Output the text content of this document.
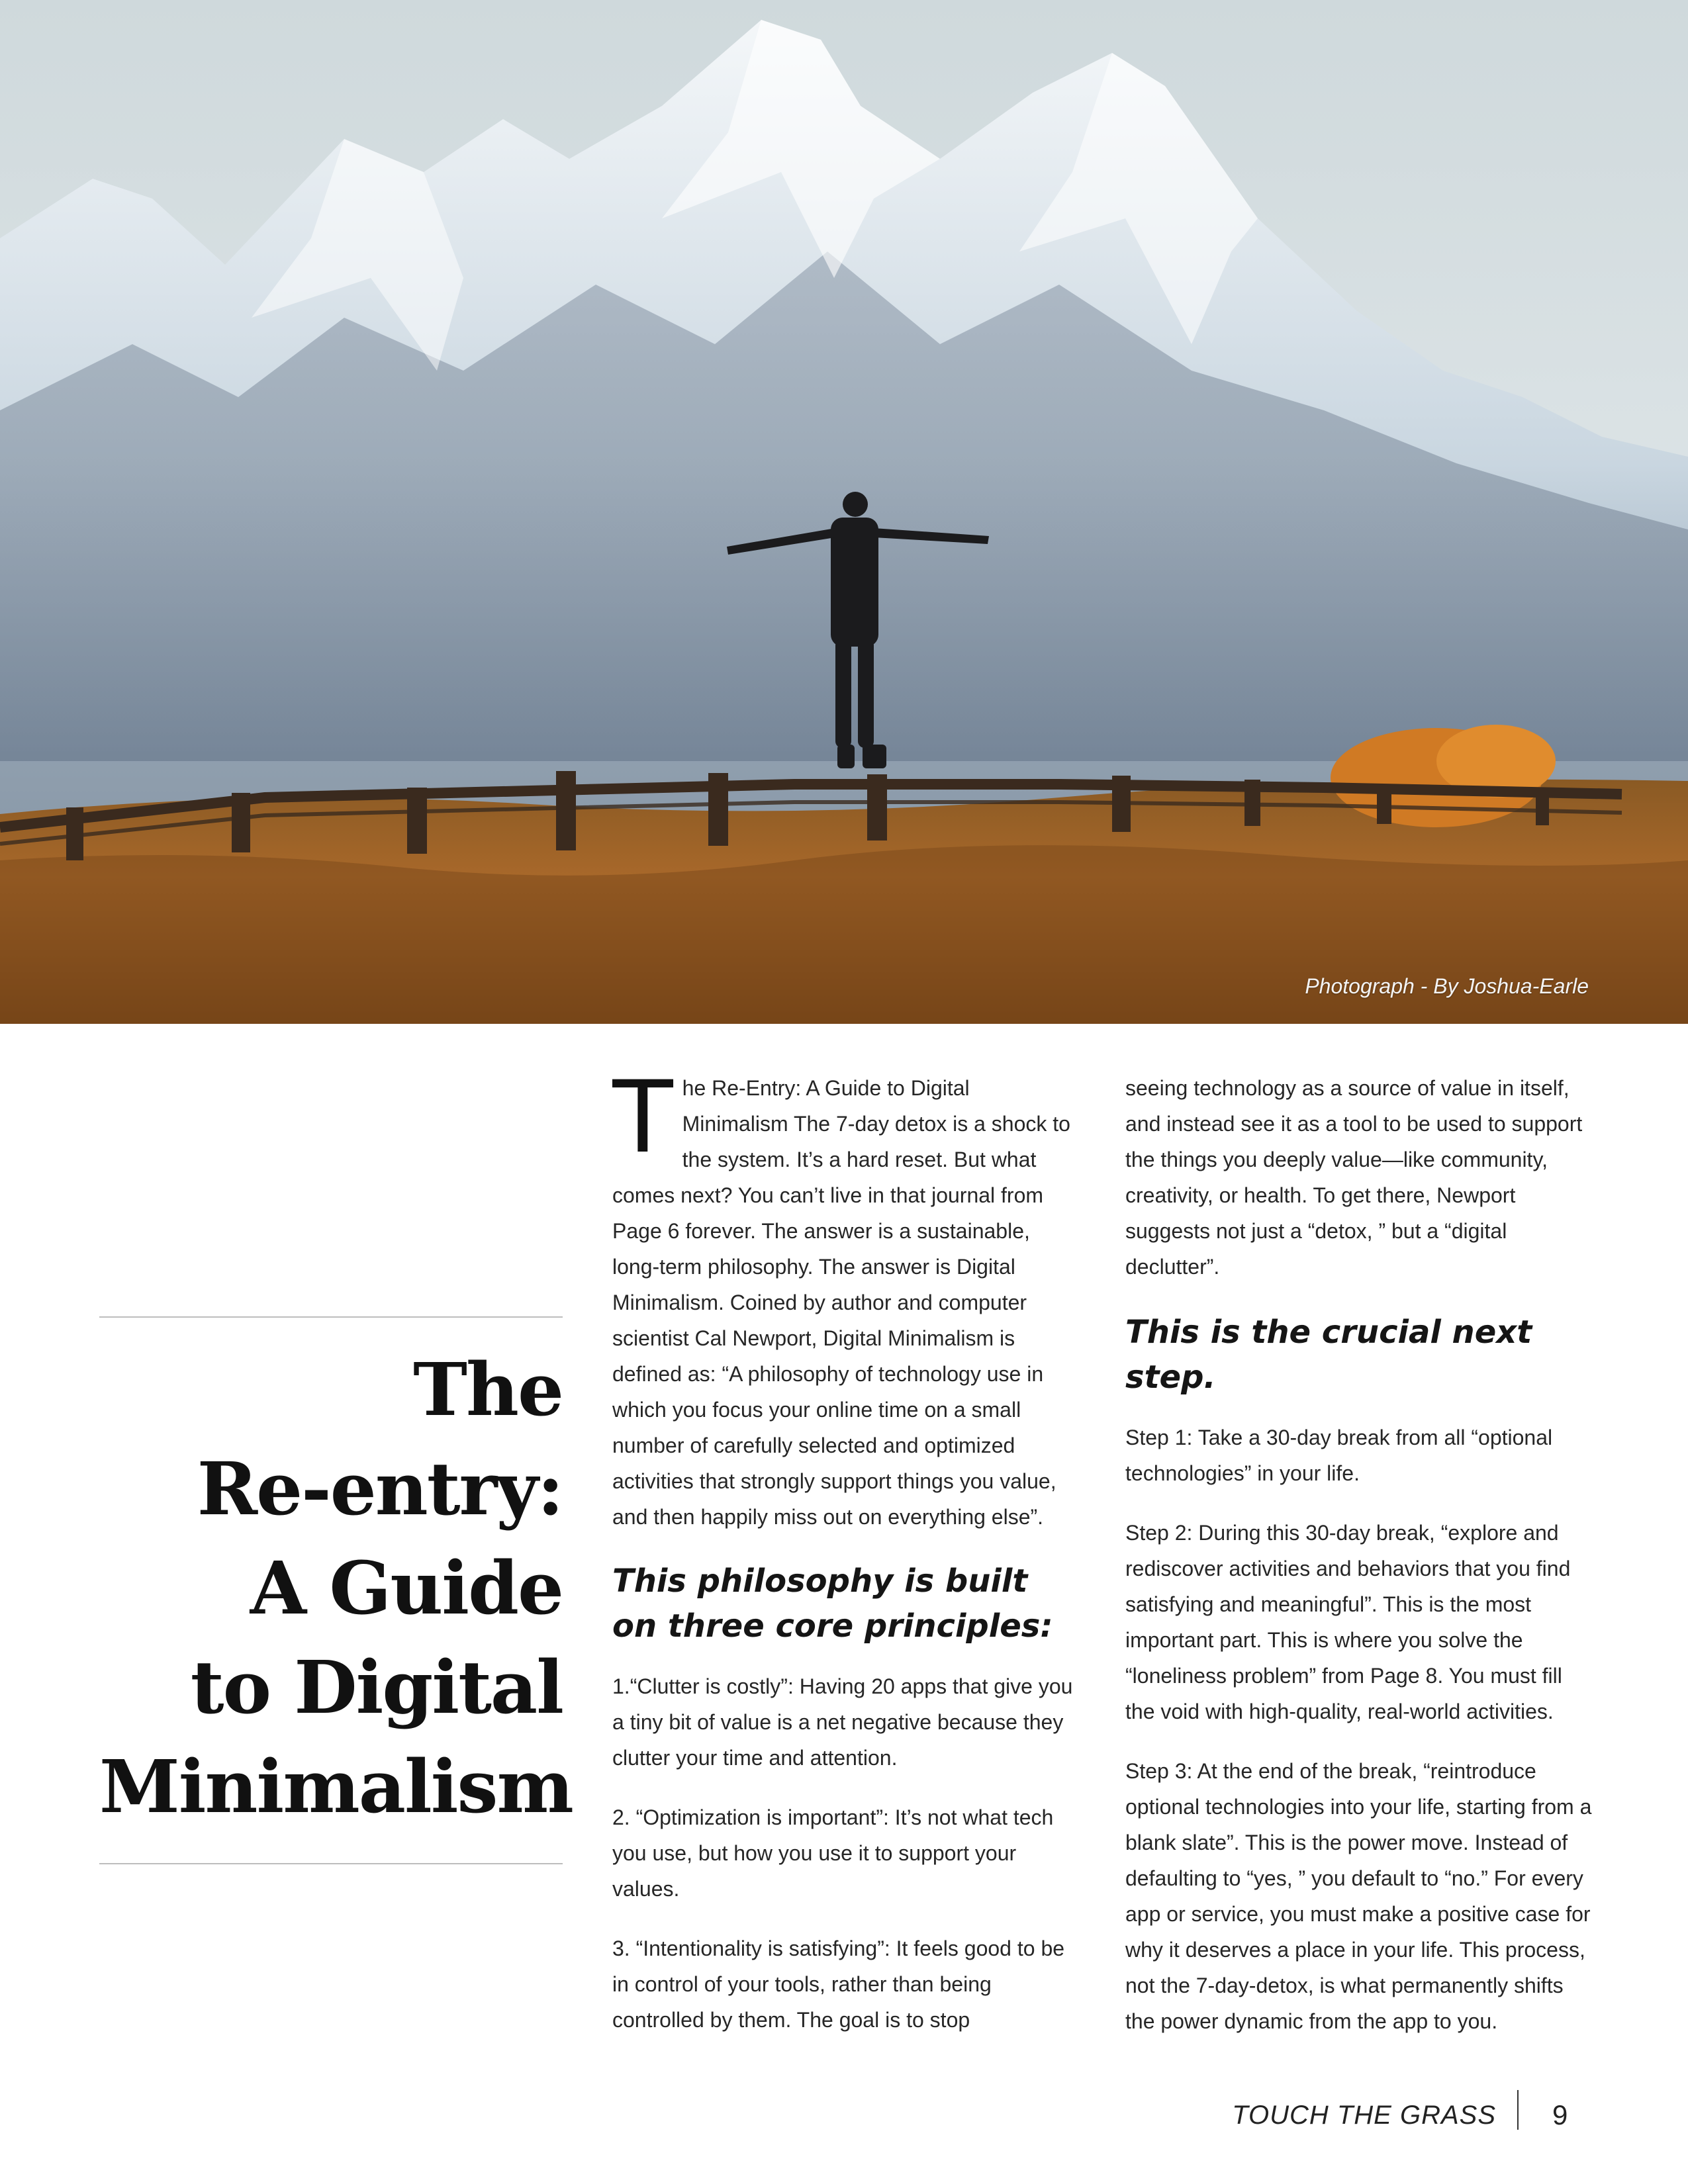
Photograph - By Joshua-Earle
The
Re-entry:
A Guide
to Digital
Minimalism

The Re-Entry: A Guide to Digital Minimalism The 7-day detox is a shock to the system. It’s a hard reset. But what comes next? You can’t live in that journal from Page 6 forever. The answer is a sustainable, long-term philosophy. The answer is Digital Minimalism. Coined by author and computer scientist Cal Newport, Digital Minimalism is defined as: “A philosophy of technology use in which you focus your online time on a small number of carefully selected and optimized activities that strongly support things you value, and then happily miss out on everything else”.

This philosophy is built on three core principles:

1.“Clutter is costly”: Having 20 apps that give you a tiny bit of value is a net negative because they clutter your time and attention.

2. “Optimization is important”: It’s not what tech you use, but how you use it to support your values.

3. “Intentionality is satisfying”: It feels good to be in control of your tools, rather than being controlled by them. The goal is to stop

seeing technology as a source of value in itself, and instead see it as a tool to be used to support the things you deeply value—like community, creativity, or health. To get there, Newport suggests not just a “detox, ” but a “digital declutter”.

This is the crucial next step.

Step 1: Take a 30-day break from all “optional technologies” in your life.

Step 2: During this 30-day break, “explore and rediscover activities and behaviors that you find satisfying and meaningful”. This is the most important part. This is where you solve the “loneliness problem” from Page 8. You must fill the void with high-quality, real-world activities.

Step 3: At the end of the break, “reintroduce optional technologies into your life, starting from a blank slate”. This is the power move. Instead of defaulting to “yes, ” you default to “no.” For every app or service, you must make a positive case for why it deserves a place in your life. This process, not the 7-day-detox, is what permanently shifts the power dynamic from the app to you.

TOUCH THE GRASS 9
